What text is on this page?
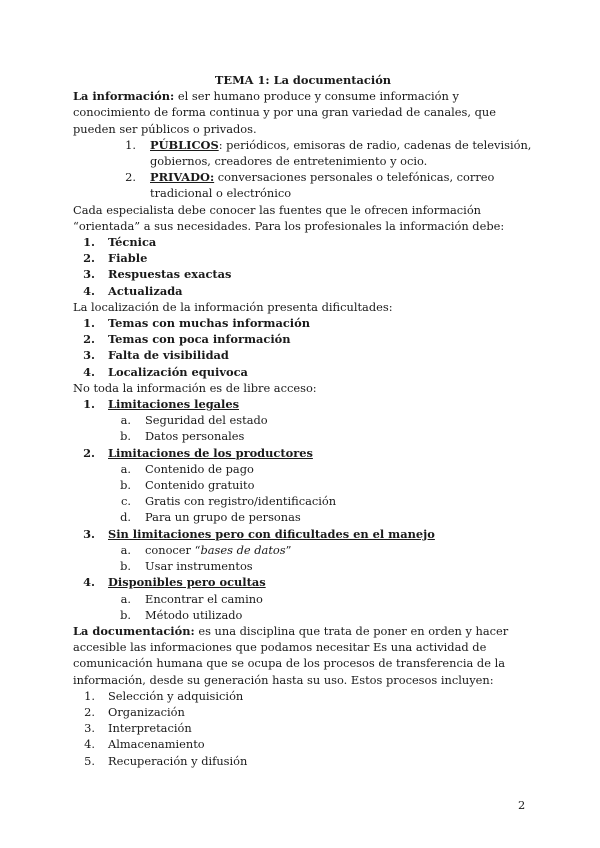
TEMA 1: La documentación

La información: el ser humano produce y consume información y conocimiento de forma continua y por una gran variedad de canales, que pueden ser públicos o privados.

1.	PÚBLICOS: periódicos, emisoras de radio, cadenas de televisión, gobiernos, creadores de entretenimiento y ocio.
2.	PRIVADO: conversaciones personales o telefónicas, correo tradicional o electrónico

Cada especialista debe conocer las fuentes que le ofrecen información “orientada” a sus necesidades. Para los profesionales la información debe:

1.	Técnica
2.	Fiable
3.	Respuestas exactas
4.	Actualizada

La localización de la información presenta dificultades:

1.	Temas con muchas información
2.	Temas con poca información
3.	Falta de visibilidad
4.	Localización equivoca

No toda la información es de libre acceso:

1.	Limitaciones legales
a.	Seguridad del estado
b.	Datos personales
2.	Limitaciones de los productores
a.	Contenido de pago
b.	Contenido gratuito
c.	Gratis con registro/identificación
d.	Para un grupo de personas
3.	Sin limitaciones pero con dificultades en el manejo
a.	conocer “bases de datos”
b.	Usar instrumentos
4.	Disponibles pero ocultas
a.	Encontrar el camino
b.	Método utilizado

La documentación: es una disciplina que trata de poner en orden y hacer accesible las informaciones que podamos necesitar Es una actividad de comunicación humana que se ocupa de los procesos de transferencia de la información, desde su generación hasta su uso. Estos procesos incluyen:

1.	Selección y adquisición
2.	Organización
3.	Interpretación
4.	Almacenamiento
5.	Recuperación y difusión
2
